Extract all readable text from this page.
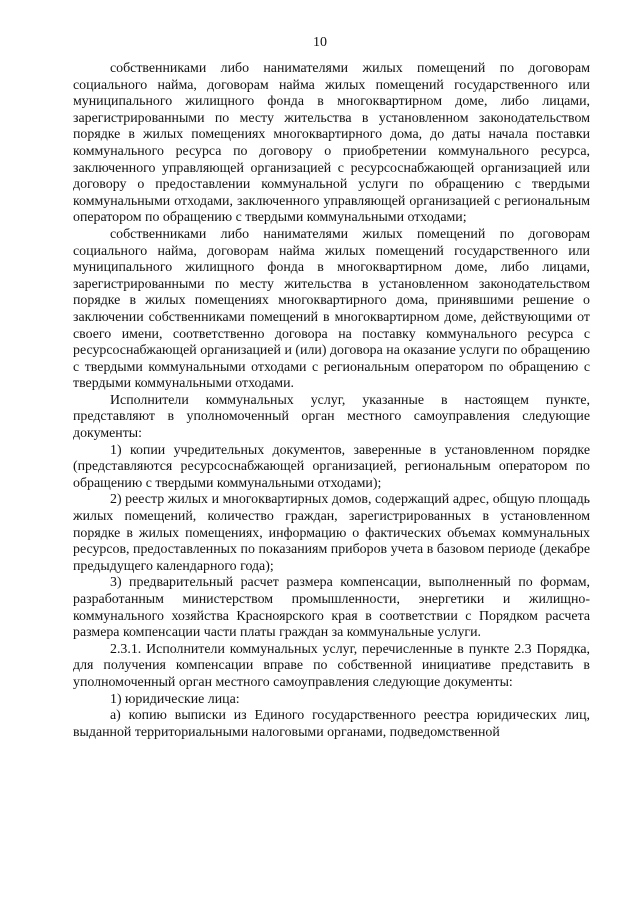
10

собственниками либо нанимателями жилых помещений по договорам социального найма, договорам найма жилых помещений государственного или муниципального жилищного фонда в многоквартирном доме, либо лицами, зарегистрированными по месту жительства в установленном законодательством порядке в жилых помещениях многоквартирного дома, до даты начала поставки коммунального ресурса по договору о приобретении коммунального ресурса, заключенного управляющей организацией с ресурсоснабжающей организацией или договору о предоставлении коммунальной услуги по обращению с твердыми коммунальными отходами, заключенного управляющей организацией с региональным оператором по обращению с твердыми коммунальными отходами;

собственниками либо нанимателями жилых помещений по договорам социального найма, договорам найма жилых помещений государственного или муниципального жилищного фонда в многоквартирном доме, либо лицами, зарегистрированными по месту жительства в установленном законодательством порядке в жилых помещениях многоквартирного дома, принявшими решение о заключении собственниками помещений в многоквартирном доме, действующими от своего имени, соответственно договора на поставку коммунального ресурса с ресурсоснабжающей организацией и (или) договора на оказание услуги по обращению с твердыми коммунальными отходами с региональным оператором по обращению с твердыми коммунальными отходами.

Исполнители коммунальных услуг, указанные в настоящем пункте, представляют в уполномоченный орган местного самоуправления следующие документы:

1) копии учредительных документов, заверенные в установленном порядке (представляются ресурсоснабжающей организацией, региональным оператором по обращению с твердыми коммунальными отходами);

2) реестр жилых и многоквартирных домов, содержащий адрес, общую площадь жилых помещений, количество граждан, зарегистрированных в установленном порядке в жилых помещениях, информацию о фактических объемах коммунальных ресурсов, предоставленных по показаниям приборов учета в базовом периоде (декабре предыдущего календарного года);

3) предварительный расчет размера компенсации, выполненный по формам, разработанным министерством промышленности, энергетики и жилищно-коммунального хозяйства Красноярского края в соответствии с Порядком расчета размера компенсации части платы граждан за коммунальные услуги.

2.3.1. Исполнители коммунальных услуг, перечисленные в пункте 2.3 Порядка, для получения компенсации вправе по собственной инициативе представить в уполномоченный орган местного самоуправления следующие документы:

1) юридические лица:

а) копию выписки из Единого государственного реестра юридических лиц, выданной территориальными налоговыми органами, подведомственной
